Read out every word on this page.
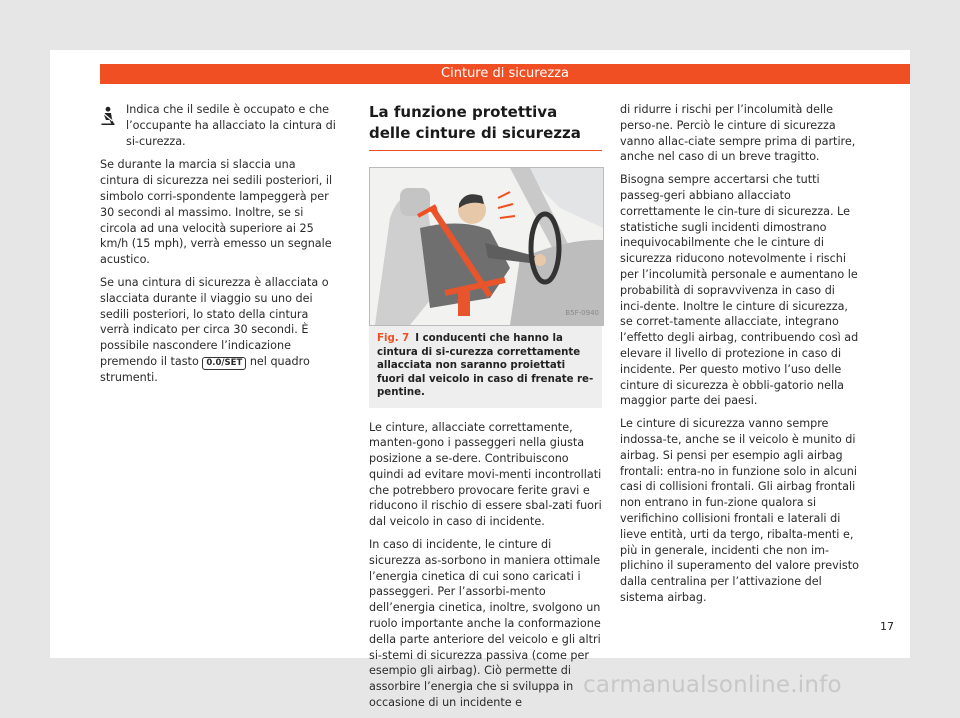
Cinture di sicurezza
Indica che il sedile è occupato e che l’occupante ha allacciato la cintura di si-curezza.

Se durante la marcia si slaccia una cintura di sicurezza nei sedili posteriori, il simbolo corri-spondente lampeggerà per 30 secondi al massimo. Inoltre, se si circola ad una velocità superiore ai 25 km/h (15 mph), verrà emesso un segnale acustico.

Se una cintura di sicurezza è allacciata o slacciata durante il viaggio su uno dei sedili posteriori, lo stato della cintura verrà indicato per circa 30 secondi. È possibile nascondere l’indicazione premendo il tasto 0.0/SET nel quadro strumenti.

La funzione protettiva delle cinture di sicurezza
B5F-0940
Fig. 7 I conducenti che hanno la cintura di si-curezza correttamente allacciata non saranno proiettati fuori dal veicolo in caso di frenate re-pentine.

Le cinture, allacciate correttamente, manten-gono i passeggeri nella giusta posizione a se-dere. Contribuiscono quindi ad evitare movi-menti incontrollati che potrebbero provocare ferite gravi e riducono il rischio di essere sbal-zati fuori dal veicolo in caso di incidente.

In caso di incidente, le cinture di sicurezza as-sorbono in maniera ottimale l’energia cinetica di cui sono caricati i passeggeri. Per l’assorbi-mento dell’energia cinetica, inoltre, svolgono un ruolo importante anche la conformazione della parte anteriore del veicolo e gli altri si-stemi di sicurezza passiva (come per esempio gli airbag). Ciò permette di assorbire l’energia che si sviluppa in occasione di un incidente e

di ridurre i rischi per l’incolumità delle perso-ne. Perciò le cinture di sicurezza vanno allac-ciate sempre prima di partire, anche nel caso di un breve tragitto.

Bisogna sempre accertarsi che tutti passeg-geri abbiano allacciato correttamente le cin-ture di sicurezza. Le statistiche sugli incidenti dimostrano inequivocabilmente che le cinture di sicurezza riducono notevolmente i rischi per l’incolumità personale e aumentano le probabilità di sopravvivenza in caso di inci-dente. Inoltre le cinture di sicurezza, se corret-tamente allacciate, integrano l’effetto degli airbag, contribuendo così ad elevare il livello di protezione in caso di incidente. Per questo motivo l’uso delle cinture di sicurezza è obbli-gatorio nella maggior parte dei paesi.

Le cinture di sicurezza vanno sempre indossa-te, anche se il veicolo è munito di airbag. Si pensi per esempio agli airbag frontali: entra-no in funzione solo in alcuni casi di collisioni frontali. Gli airbag frontali non entrano in fun-zione qualora si verifichino collisioni frontali e laterali di lieve entità, urti da tergo, ribalta-menti e, più in generale, incidenti che non im-plichino il superamento del valore previsto dalla centralina per l’attivazione del sistema airbag.

17
carmanualsonline.info
